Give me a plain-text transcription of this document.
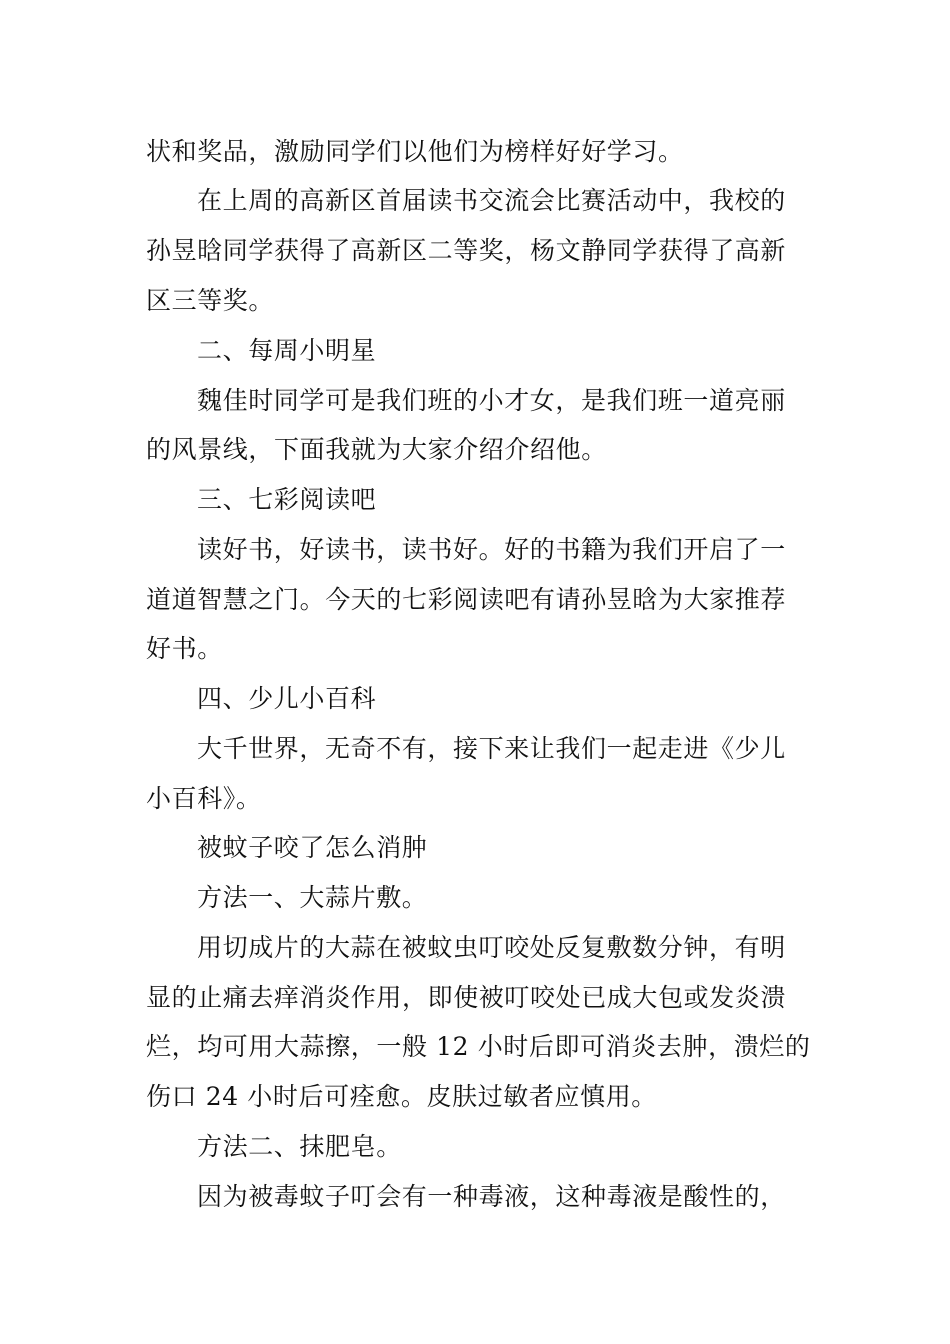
状和奖品，激励同学们以他们为榜样好好学习。
在上周的高新区首届读书交流会比赛活动中，我校的
孙昱晗同学获得了高新区二等奖，杨文静同学获得了高新
区三等奖。
二、每周小明星
魏佳时同学可是我们班的小才女，是我们班一道亮丽
的风景线，下面我就为大家介绍介绍他。
三、七彩阅读吧
读好书，好读书，读书好。好的书籍为我们开启了一
道道智慧之门。今天的七彩阅读吧有请孙昱晗为大家推荐
好书。
四、少儿小百科
大千世界，无奇不有，接下来让我们一起走进《少儿
小百科》。
被蚊子咬了怎么消肿
方法一、大蒜片敷。
用切成片的大蒜在被蚊虫叮咬处反复敷数分钟，有明
显的止痛去痒消炎作用，即使被叮咬处已成大包或发炎溃
烂，均可用大蒜擦，一般 12 小时后即可消炎去肿，溃烂的
伤口 24 小时后可痊愈。皮肤过敏者应慎用。
方法二、抹肥皂。
因为被毒蚊子叮会有一种毒液，这种毒液是酸性的，
